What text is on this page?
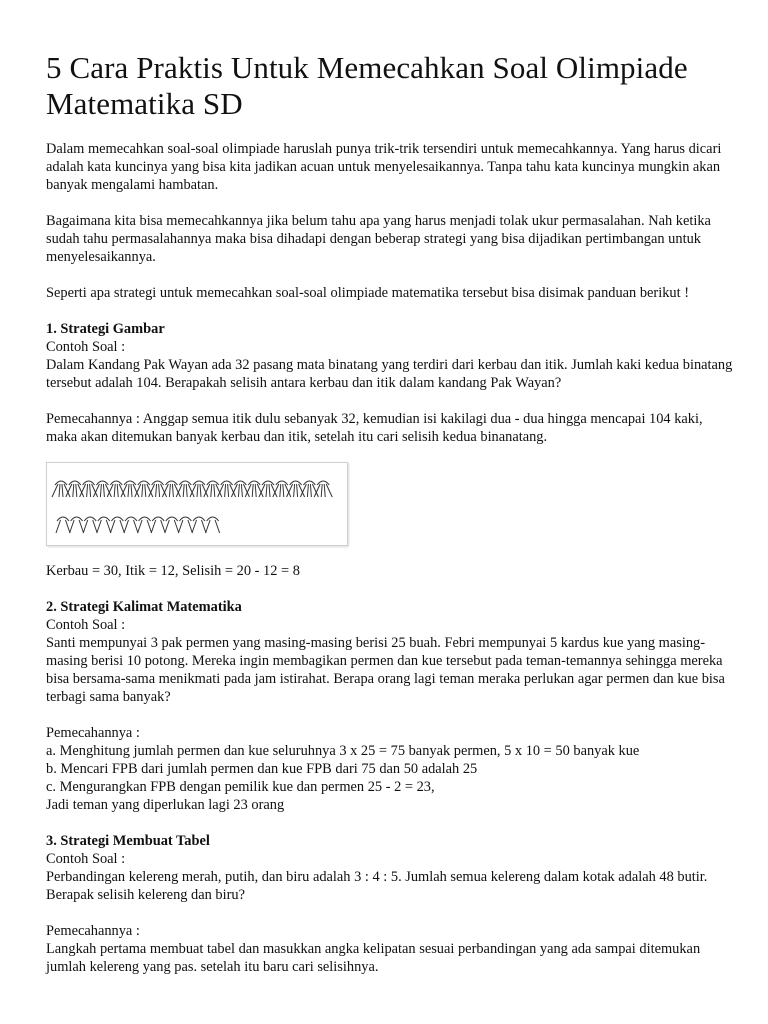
5 Cara Praktis Untuk Memecahkan Soal Olimpiade Matematika SD

Dalam memecahkan soal-soal olimpiade haruslah punya trik-trik tersendiri untuk memecahkannya. Yang harus dicari adalah kata kuncinya yang bisa kita jadikan acuan untuk menyelesaikannya. Tanpa tahu kata kuncinya mungkin akan banyak mengalami hambatan.

Bagaimana kita bisa memecahkannya jika belum tahu apa yang harus menjadi tolak ukur permasalahan. Nah ketika sudah tahu permasalahannya maka bisa dihadapi dengan beberap strategi yang bisa dijadikan pertimbangan untuk menyelesaikannya.

Seperti apa strategi untuk memecahkan soal-soal olimpiade matematika tersebut bisa disimak panduan berikut !

1. Strategi Gambar

Contoh Soal :

Dalam Kandang Pak Wayan ada 32 pasang mata binatang yang terdiri dari kerbau dan itik. Jumlah kaki kedua binatang tersebut adalah 104. Berapakah selisih antara kerbau dan itik dalam kandang Pak Wayan?

Pemecahannya : Anggap semua itik dulu sebanyak 32, kemudian isi kakilagi dua - dua hingga mencapai 104 kaki, maka akan ditemukan banyak kerbau dan itik, setelah itu cari selisih kedua binanatang.

Kerbau = 30, Itik = 12, Selisih = 20 - 12 = 8

2. Strategi Kalimat Matematika

Contoh Soal :

Santi mempunyai 3 pak permen yang masing-masing berisi 25 buah. Febri mempunyai 5 kardus kue yang masing-masing berisi 10 potong. Mereka ingin membagikan permen dan kue tersebut pada teman-temannya sehingga mereka bisa bersama-sama menikmati pada jam istirahat. Berapa orang lagi teman meraka perlukan agar permen dan kue bisa terbagi sama banyak?

Pemecahannya :

a. Menghitung jumlah permen dan kue seluruhnya 3 x 25 = 75 banyak permen, 5 x 10 = 50 banyak kue

b. Mencari FPB dari jumlah permen dan kue FPB dari 75 dan 50 adalah 25

c. Mengurangkan FPB dengan pemilik kue dan permen 25 - 2 = 23,

Jadi teman yang diperlukan lagi 23 orang

3. Strategi Membuat Tabel

Contoh Soal :

Perbandingan kelereng merah, putih, dan biru adalah 3 : 4 : 5. Jumlah semua kelereng dalam kotak adalah 48 butir. Berapak selisih kelereng dan biru?

Pemecahannya :

Langkah pertama membuat tabel dan masukkan angka kelipatan sesuai perbandingan yang ada sampai ditemukan jumlah kelereng yang pas. setelah itu baru cari selisihnya.
